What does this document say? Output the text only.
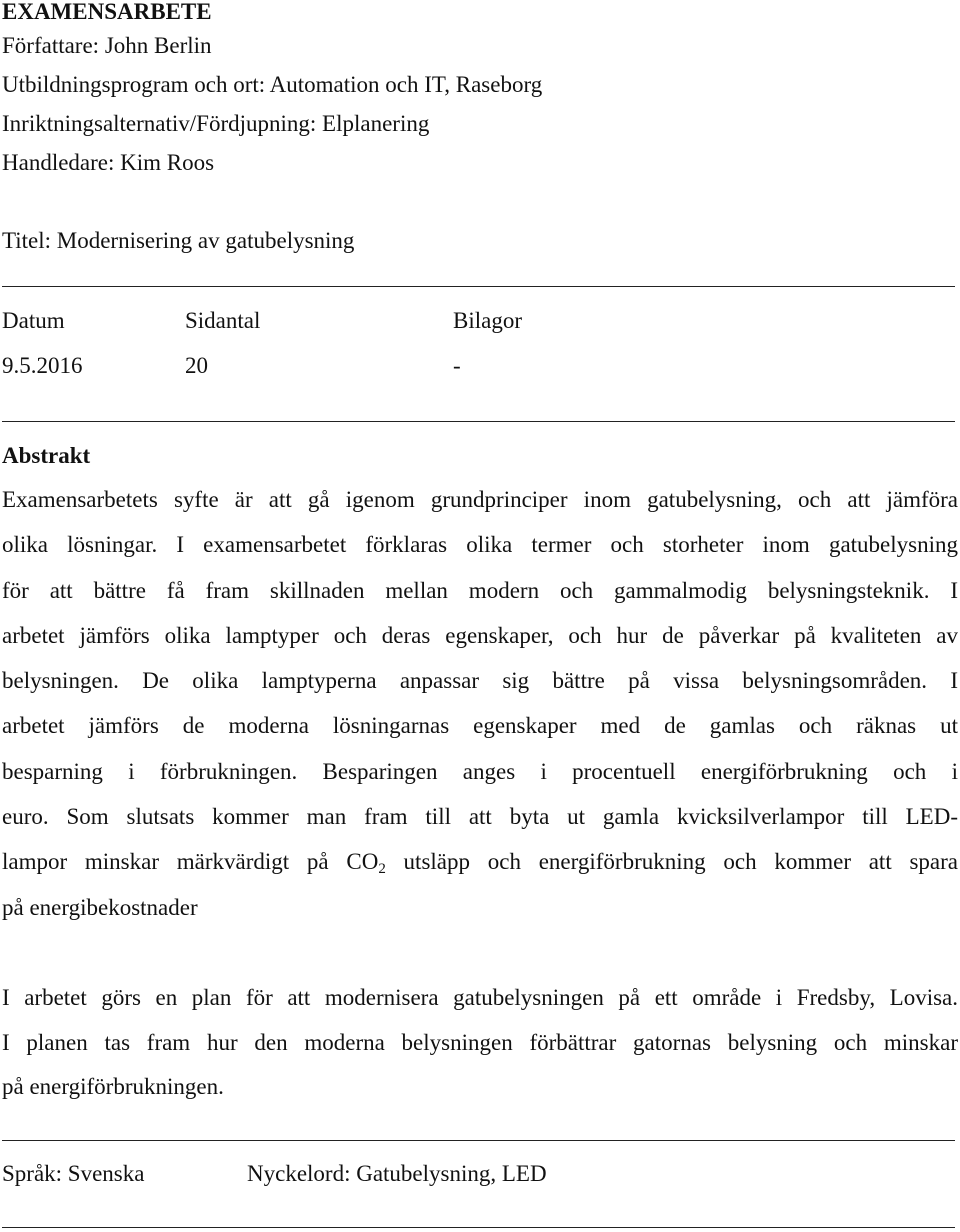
EXAMENSARBETE
Författare: John Berlin
Utbildningsprogram och ort: Automation och IT, Raseborg
Inriktningsalternativ/Fördjupning: Elplanering
Handledare: Kim Roos
Titel: Modernisering av gatubelysning
Datum	Sidantal	Bilagor
9.5.2016	20	-
Abstrakt
Examensarbetets syfte är att gå igenom grundprinciper inom gatubelysning, och att jämföra
olika lösningar. I examensarbetet förklaras olika termer och storheter inom gatubelysning
för att bättre få fram skillnaden mellan modern och gammalmodig belysningsteknik. I
arbetet jämförs olika lamptyper och deras egenskaper, och hur de påverkar på kvaliteten av
belysningen. De olika lamptyperna anpassar sig bättre på vissa belysningsområden. I
arbetet jämförs de moderna lösningarnas egenskaper med de gamlas och räknas ut
besparning i förbrukningen. Besparingen anges i procentuell energiförbrukning och i
euro. Som slutsats kommer man fram till att byta ut gamla kvicksilverlampor till LED-
lampor minskar märkvärdigt på $CO_2$ utsläpp och energiförbrukning och kommer att spara
på energibekostnader
I arbetet görs en plan för att modernisera gatubelysningen på ett område i Fredsby, Lovisa.
I planen tas fram hur den moderna belysningen förbättrar gatornas belysning och minskar
på energiförbrukningen.
Språk: Svenska	Nyckelord: Gatubelysning, LED
